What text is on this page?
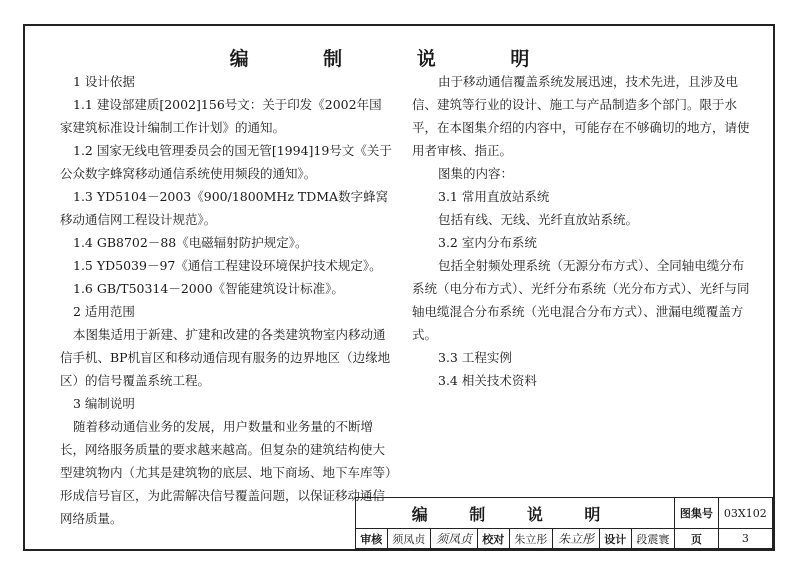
编 制 说 明

1 设计依据

1.1 建设部建质[2002]156号文：关于印发《2002年国家建筑标准设计编制工作计划》的通知。

1.2 国家无线电管理委员会的国无管[1994]19号文《关于公众数字蜂窝移动通信系统使用频段的通知》。

1.3 YD5104－2003《900/1800MHz TDMA数字蜂窝移动通信网工程设计规范》。

1.4 GB8702－88《电磁辐射防护规定》。

1.5 YD5039－97《通信工程建设环境保护技术规定》。

1.6 GB/T50314－2000《智能建筑设计标准》。

2 适用范围

本图集适用于新建、扩建和改建的各类建筑物室内移动通信手机、BP机盲区和移动通信现有服务的边界地区（边缘地区）的信号覆盖系统工程。

3 编制说明

随着移动通信业务的发展，用户数量和业务量的不断增长，网络服务质量的要求越来越高。但复杂的建筑结构使大型建筑物内（尤其是建筑物的底层、地下商场、地下车库等）形成信号盲区，为此需解决信号覆盖问题，以保证移动通信网络质量。

由于移动通信覆盖系统发展迅速，技术先进，且涉及电信、建筑等行业的设计、施工与产品制造多个部门。限于水平，在本图集介绍的内容中，可能存在不够确切的地方，请使用者审核、指正。

图集的内容：

3.1 常用直放站系统

包括有线、无线、光纤直放站系统。

3.2 室内分布系统

包括全射频处理系统（无源分布方式）、全同轴电缆分布系统（电分布方式）、光纤分布系统（光分布方式）、光纤与同轴电缆混合分布系统（光电混合分布方式）、泄漏电缆覆盖方式。

3.3 工程实例

3.4 相关技术资料

编 制 说 明								图集号	03X102
审核	须凤贞	须凤贞	校对	朱立彤	朱立彤	设计	段震寰	页	3
